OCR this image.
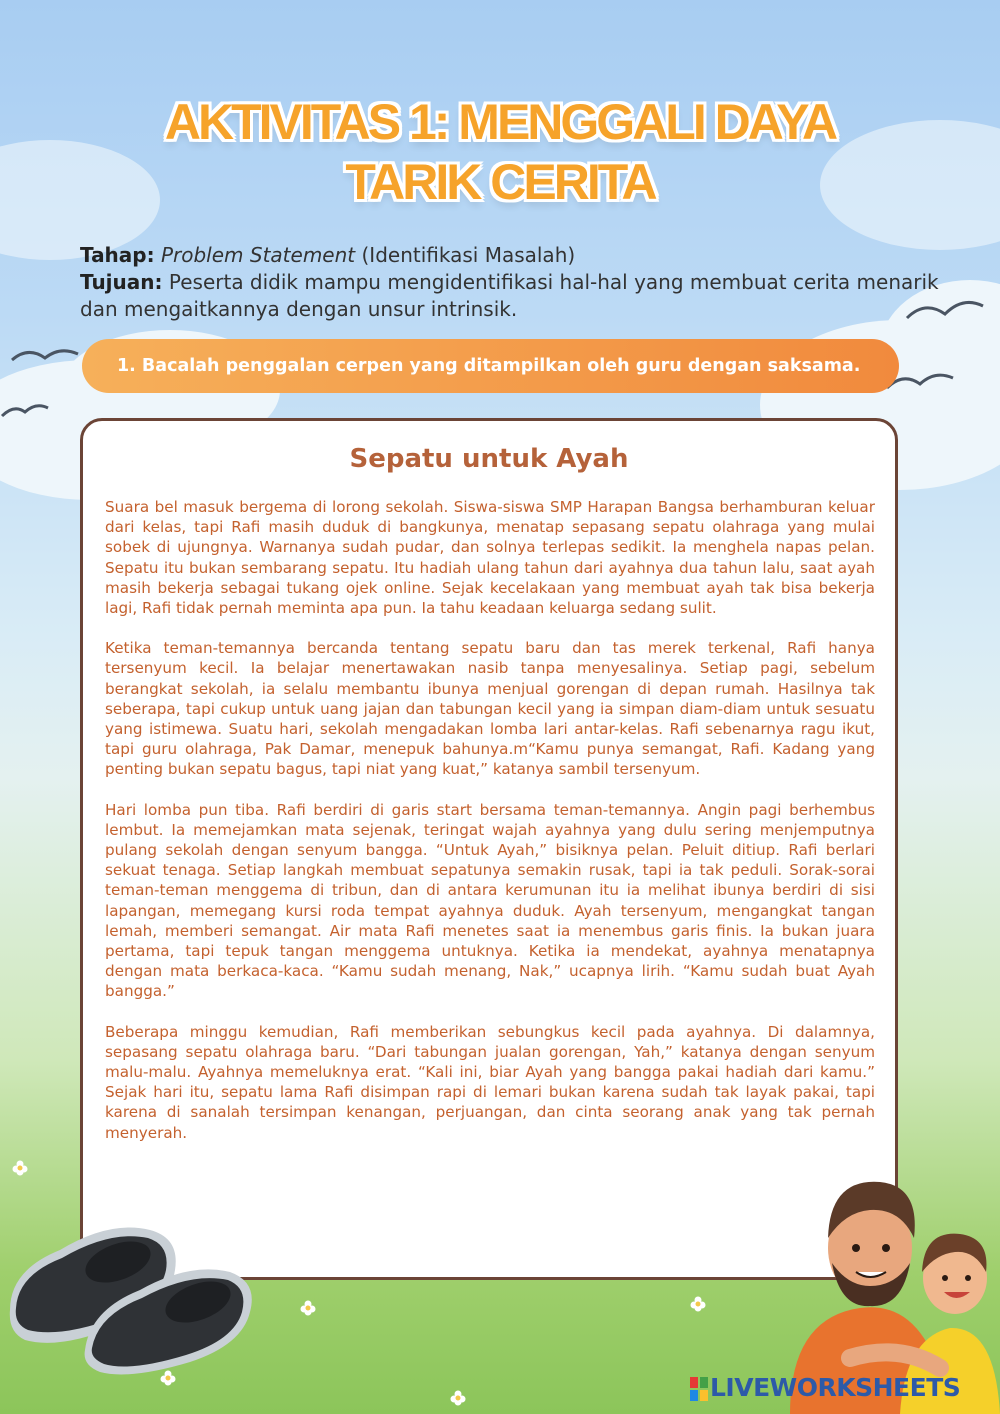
AKTIVITAS 1: MENGGALI DAYA
TARIK CERITA
Tahap: Problem Statement (Identifikasi Masalah)
Tujuan: Peserta didik mampu mengidentifikasi hal-hal yang membuat cerita menarik dan mengaitkannya dengan unsur intrinsik.
1. Bacalah penggalan cerpen yang ditampilkan oleh guru dengan saksama.
Sepatu untuk Ayah

Suara bel masuk bergema di lorong sekolah. Siswa-siswa SMP Harapan Bangsa berhamburan keluar dari kelas, tapi Rafi masih duduk di bangkunya, menatap sepasang sepatu olahraga yang mulai sobek di ujungnya. Warnanya sudah pudar, dan solnya terlepas sedikit. Ia menghela napas pelan. Sepatu itu bukan sembarang sepatu. Itu hadiah ulang tahun dari ayahnya dua tahun lalu, saat ayah masih bekerja sebagai tukang ojek online. Sejak kecelakaan yang membuat ayah tak bisa bekerja lagi, Rafi tidak pernah meminta apa pun. Ia tahu keadaan keluarga sedang sulit.

Ketika teman-temannya bercanda tentang sepatu baru dan tas merek terkenal, Rafi hanya tersenyum kecil. Ia belajar menertawakan nasib tanpa menyesalinya. Setiap pagi, sebelum berangkat sekolah, ia selalu membantu ibunya menjual gorengan di depan rumah. Hasilnya tak seberapa, tapi cukup untuk uang jajan dan tabungan kecil yang ia simpan diam-diam untuk sesuatu yang istimewa. Suatu hari, sekolah mengadakan lomba lari antar-kelas. Rafi sebenarnya ragu ikut, tapi guru olahraga, Pak Damar, menepuk bahunya.m“Kamu punya semangat, Rafi. Kadang yang penting bukan sepatu bagus, tapi niat yang kuat,” katanya sambil tersenyum.

Hari lomba pun tiba. Rafi berdiri di garis start bersama teman-temannya. Angin pagi berhembus lembut. Ia memejamkan mata sejenak, teringat wajah ayahnya yang dulu sering menjemputnya pulang sekolah dengan senyum bangga. “Untuk Ayah,” bisiknya pelan. Peluit ditiup. Rafi berlari sekuat tenaga. Setiap langkah membuat sepatunya semakin rusak, tapi ia tak peduli. Sorak-sorai teman-teman menggema di tribun, dan di antara kerumunan itu ia melihat ibunya berdiri di sisi lapangan, memegang kursi roda tempat ayahnya duduk. Ayah tersenyum, mengangkat tangan lemah, memberi semangat. Air mata Rafi menetes saat ia menembus garis finis. Ia bukan juara pertama, tapi tepuk tangan menggema untuknya. Ketika ia mendekat, ayahnya menatapnya dengan mata berkaca-kaca. “Kamu sudah menang, Nak,” ucapnya lirih. “Kamu sudah buat Ayah bangga.”

Beberapa minggu kemudian, Rafi memberikan sebungkus kecil pada ayahnya. Di dalamnya, sepasang sepatu olahraga baru. “Dari tabungan jualan gorengan, Yah,” katanya dengan senyum malu-malu. Ayahnya memeluknya erat. “Kali ini, biar Ayah yang bangga pakai hadiah dari kamu.” Sejak hari itu, sepatu lama Rafi disimpan rapi di lemari bukan karena sudah tak layak pakai, tapi karena di sanalah tersimpan kenangan, perjuangan, dan cinta seorang anak yang tak pernah menyerah.

LIVEWORKSHEETS
